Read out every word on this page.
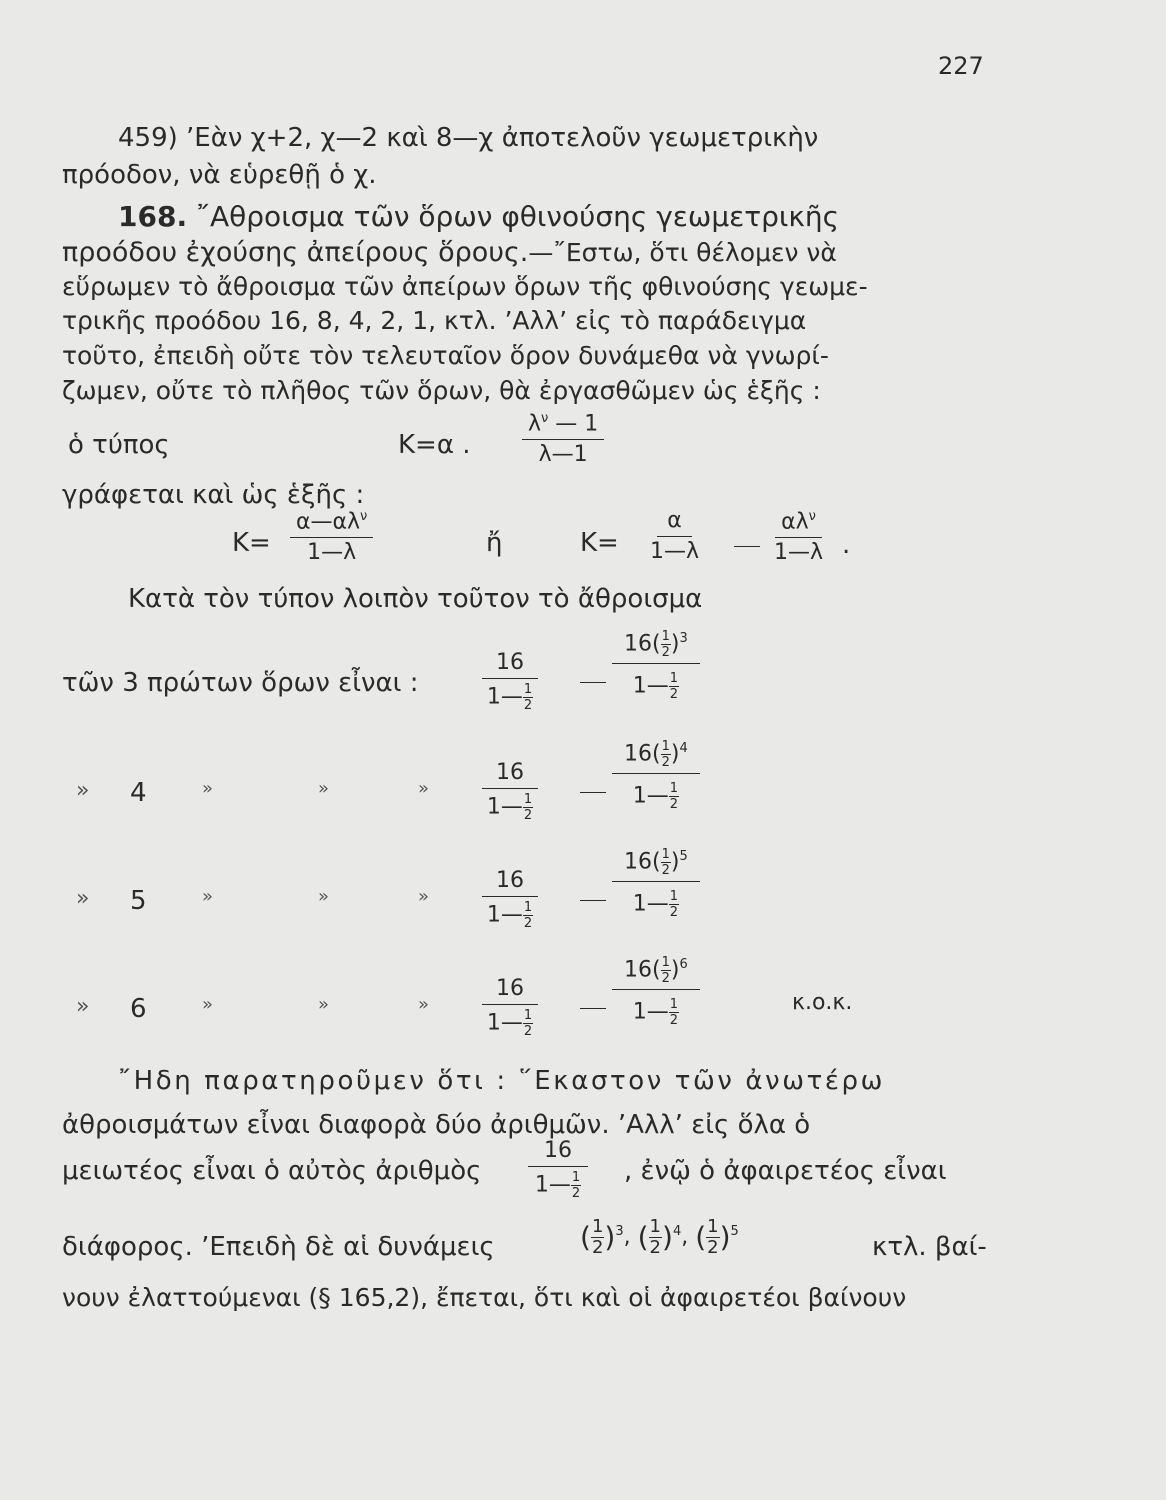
227
459) ’Εὰν χ+2, χ—2 καὶ 8—χ ἀποτελοῦν γεωμετρικὴν
πρόοδον, νὰ εὑρεθῇ ὁ χ.
168. ῎Αθροισμα τῶν ὅρων φθινούσης γεωμετρικῆς
προόδου ἐχούσης ἀπείρους ὅρους.—῎Εστω, ὅτι θέλομεν νὰ
εὕρωμεν τὸ ἄθροισμα τῶν ἀπείρων ὅρων τῆς φθινούσης γεωμε-
τρικῆς προόδου 16, 8, 4, 2, 1, κτλ. ’Αλλ’ εἰς τὸ παράδειγμα
τοῦτο, ἐπειδὴ οὔτε τὸν τελευταῖον ὅρον δυνάμεθα νὰ γνωρί-
ζωμεν, οὔτε τὸ πλῆθος τῶν ὅρων, θὰ ἐργασθῶμεν ὡς ἑξῆς :
ὁ τύπος	Κ=α . $\frac{\lambda^\nu — 1}{\lambda—1}$
γράφεται καὶ ὡς ἑξῆς :
Κ=
$\alpha—\alpha\lambda^\nu$
1—λ	ἤ	$K= \frac{\alpha}{1—\lambda}$	$\alpha\lambda^\nu$
1—λ .
Κατὰ τὸν τύπον λοιπὸν τοῦτον τὸ ἄθροισμα
τῶν 3 πρώτων ὅρων εἶναι :	$\frac{16}{1— \frac{1}{2}}$	$\frac{16( \frac{1}{2} )^3}{1— \frac{1}{2}}$
» 4	»	»	» $\frac{16}{1— \frac{1}{2}}$	$\frac{16( \frac{1}{2} )^4}{1— \frac{1}{2}}$
» 5	»	»	» $\frac{16}{1— \frac{1}{2}}$	$\frac{16( \frac{1}{2} )^5}{1— \frac{1}{2}}$
» 6	»	»	» $\frac{16}{1— \frac{1}{2}}$	$\frac{16( \frac{1}{2} )^6}{1— \frac{1}{2}}$	κ.ο.κ.
῎Ηδη παρατηροῦμεν ὅτι : ῞Εκαστον τῶν ἀνωτέρω
ἀθροισμάτων εἶναι διαφορὰ δύο ἀριθμῶν. ’Αλλ’ εἰς ὅλα ὁ
μειωτέος εἶναι ὁ αὐτὸς ἀριθμὸς $\frac{16}{1— \frac{1}{2}}$ , ἐνῷ ὁ ἀφαιρετέος εἶναι
διάφορος. ’Επειδὴ δὲ αἱ δυνάμεις	( $\frac{1}{2} )^3$, ( $\frac{1}{2} )^4$, ( $\frac{1}{2} )^5$
κτλ. βαί-
νουν ἐλαττούμεναι (§ 165,2), ἔπεται, ὅτι καὶ οἱ ἀφαιρετέοι βαίνουν
